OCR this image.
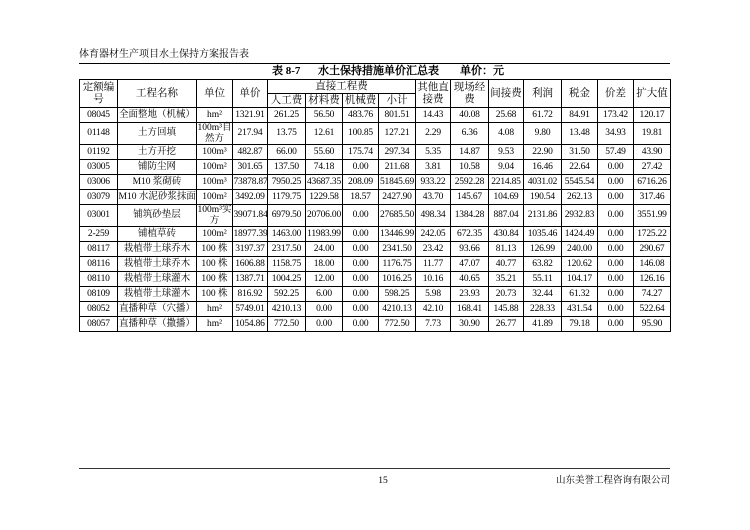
体育器材生产项目水土保持方案报告表
表 8-7 水土保持措施单价汇总表 单价：元
定额编号	工程名称	单位	单价	直接工程费				其他直接费	现场经费	间接费	利润	税金	价差	扩大值
				人工费	材料费	机械费	小计							
08045	全面整地（机械）	hm²	1321.91	261.25	56.50	483.76	801.51	14.43	40.08	25.68	61.72	84.91	173.42	120.17
01148	土方回填	100m³自然方	217.94	13.75	12.61	100.85	127.21	2.29	6.36	4.08	9.80	13.48	34.93	19.81
01192	土方开挖	100m³	482.87	66.00	55.60	175.74	297.34	5.35	14.87	9.53	22.90	31.50	57.49	43.90
03005	铺防尘网	100m²	301.65	137.50	74.18	0.00	211.68	3.81	10.58	9.04	16.46	22.64	0.00	27.42
03006	M10 浆砌砖	100m³	73878.87	7950.25	43687.35	208.09	51845.69	933.22	2592.28	2214.85	4031.02	5545.54	0.00	6716.26
03079	M10 水泥砂浆抹面	100m²	3492.09	1179.75	1229.58	18.57	2427.90	43.70	145.67	104.69	190.54	262.13	0.00	317.46
03001	铺筑砂垫层	100m³实方	39071.84	6979.50	20706.00	0.00	27685.50	498.34	1384.28	887.04	2131.86	2932.83	0.00	3551.99
2-259	铺植草砖	100m²	18977.39	1463.00	11983.99	0.00	13446.99	242.05	672.35	430.84	1035.46	1424.49	0.00	1725.22
08117	栽植带土球乔木	100 株	3197.37	2317.50	24.00	0.00	2341.50	23.42	93.66	81.13	126.99	240.00	0.00	290.67
08116	栽植带土球乔木	100 株	1606.88	1158.75	18.00	0.00	1176.75	11.77	47.07	40.77	63.82	120.62	0.00	146.08
08110	栽植带土球灌木	100 株	1387.71	1004.25	12.00	0.00	1016.25	10.16	40.65	35.21	55.11	104.17	0.00	126.16
08109	栽植带土球灌木	100 株	816.92	592.25	6.00	0.00	598.25	5.98	23.93	20.73	32.44	61.32	0.00	74.27
08052	直播种草（穴播）	hm²	5749.01	4210.13	0.00	0.00	4210.13	42.10	168.41	145.88	228.33	431.54	0.00	522.64
08057	直播种草（撒播）	hm²	1054.86	772.50	0.00	0.00	772.50	7.73	30.90	26.77	41.89	79.18	0.00	95.90
15	山东美誉工程咨询有限公司
